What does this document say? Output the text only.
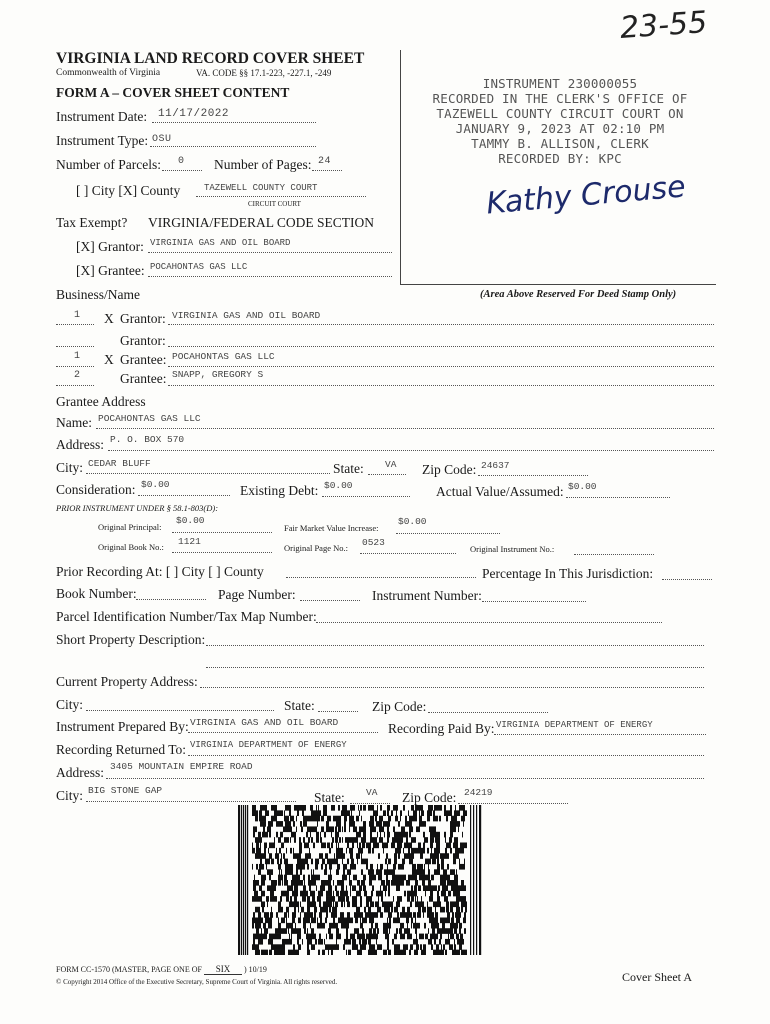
23-55
VIRGINIA LAND RECORD COVER SHEET
Commonwealth of Virginia	VA. CODE §§ 17.1-223, -227.1, -249
FORM A – COVER SHEET CONTENT
INSTRUMENT 230000055
RECORDED IN THE CLERK'S OFFICE OF
TAZEWELL COUNTY CIRCUIT COURT ON
JANUARY 9, 2023 AT 02:10 PM
TAMMY B. ALLISON, CLERK
RECORDED BY: KPC
Kathy Crouse
(Area Above Reserved For Deed Stamp Only)
Instrument Date: 11/17/2022
Instrument Type: OSU
Number of Parcels: 0 Number of Pages: 24
[ ] City [X] County	TAZEWELL COUNTY COURT
CIRCUIT COURT
Tax Exempt? VIRGINIA/FEDERAL CODE SECTION
[X] Grantor: VIRGINIA GAS AND OIL BOARD
[X] Grantee: POCAHONTAS GAS LLC
Business/Name
1 X Grantor: VIRGINIA GAS AND OIL BOARD
Grantor:
1 X Grantee: POCAHONTAS GAS LLC
2	Grantee: SNAPP, GREGORY S
Grantee Address
Name: POCAHONTAS GAS LLC
Address: P. O. BOX 570
City: CEDAR BLUFF	State: VA Zip Code: 24637
Consideration: $0.00	Existing Debt: $0.00	Actual Value/Assumed: $0.00
PRIOR INSTRUMENT UNDER § 58.1-803(D):
Original Principal:
$0.00
Fair Market Value Increase:
$0.00
Original Book No.: 1121
Original Page No.: 0523
Original Instrument No.:
Prior Recording At: [ ] City [ ] County	Percentage In This Jurisdiction:
Book Number:	Page Number:	Instrument Number:
Parcel Identification Number/Tax Map Number:
Short Property Description:
Current Property Address:
City:	State:	Zip Code:
Instrument Prepared By: VIRGINIA GAS AND OIL BOARD	Recording Paid By: VIRGINIA DEPARTMENT OF ENERGY
Recording Returned To: VIRGINIA DEPARTMENT OF ENERGY
Address: 3405 MOUNTAIN EMPIRE ROAD
City: BIG STONE GAP	State: VA Zip Code: 24219
FORM CC-1570 (MASTER, PAGE ONE OF SIX ) 10/19
© Copyright 2014 Office of the Executive Secretary, Supreme Court of Virginia. All rights reserved.	Cover Sheet A
